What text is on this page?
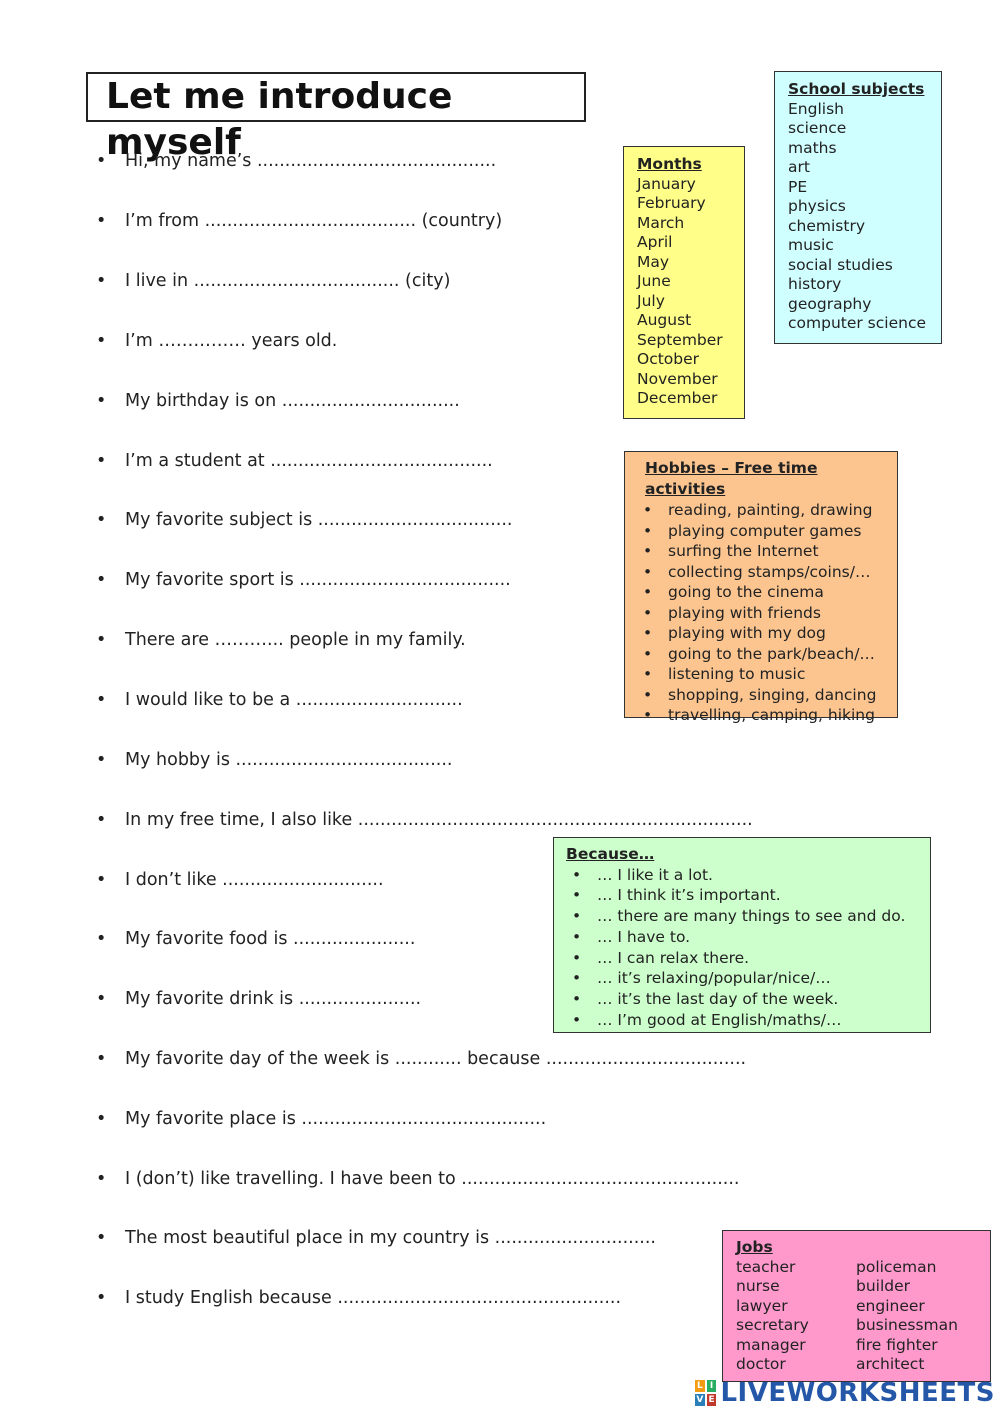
Let me introduce myself
• Hi, my name’s ...........................................
• I’m from ...................................... (country)
• I live in ..................................... (city)
• I’m …………… years old.
• My birthday is on ................................
• I’m a student at ........................................
• My favorite subject is ...................................
• My favorite sport is ......................................
• There are ………... people in my family.
• I would like to be a ..............................
• My hobby is .......................................
• In my free time, I also like .......................................................................
• I don’t like .............................
• My favorite food is ......................
• My favorite drink is ......................
• My favorite day of the week is ............ because ....................................
• My favorite place is ............................................
• I (don’t) like travelling. I have been to ..................................................
• The most beautiful place in my country is .............................
• I study English because ...................................................
Months
January
February
March
April
May
June
July
August
September
October
November
December
School subjects
English
science
maths
art
PE
physics
chemistry
music
social studies
history
geography
computer science
Hobbies – Free time activities
• reading, painting, drawing
• playing computer games
• surfing the Internet
• collecting stamps/coins/…
• going to the cinema
• playing with friends
• playing with my dog
• going to the park/beach/…
• listening to music
• shopping, singing, dancing
• travelling, camping, hiking
Because…
• … I like it a lot.
• … I think it’s important.
• … there are many things to see and do.
• … I have to.
• … I can relax there.
• … it’s relaxing/popular/nice/…
• … it’s the last day of the week.
• … I’m good at English/maths/…
Jobs
teacher
nurse
lawyer
secretary
manager
doctor
policeman
builder
engineer
businessman
fire fighter
architect
L I
V E LIVEWORKSHEETS
